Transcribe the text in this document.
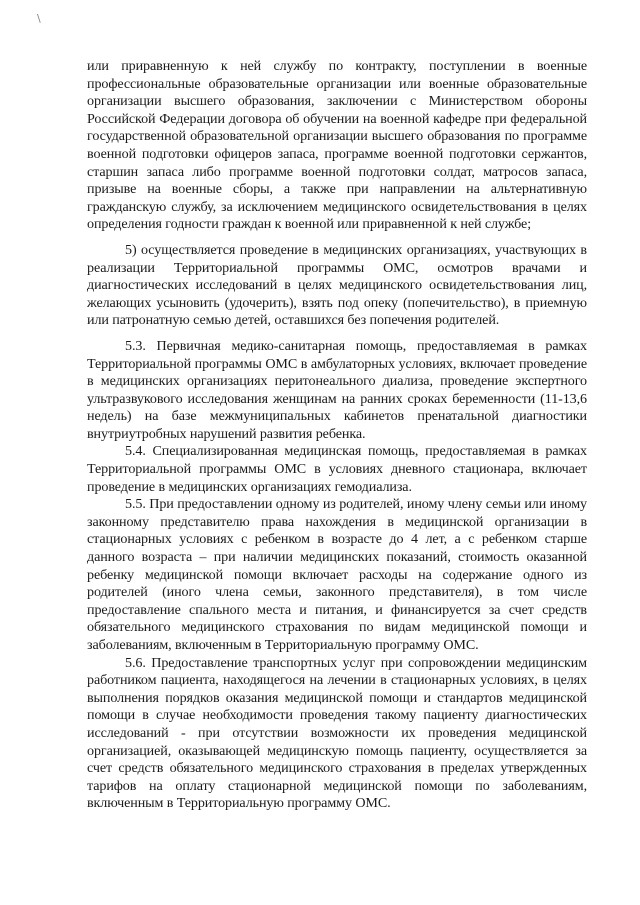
\

или приравненную к ней службу по контракту, поступлении в военные профессиональные образовательные организации или военные образовательные организации высшего образования, заключении с Министерством обороны Российской Федерации договора об обучении на военной кафедре при федеральной государственной образовательной организации высшего образования по программе военной подготовки офицеров запаса, программе военной подготовки сержантов, старшин запаса либо программе военной подготовки солдат, матросов запаса, призыве на военные сборы, а также при направлении на альтернативную гражданскую службу, за исключением медицинского освидетельствования в целях определения годности граждан к военной или приравненной к ней службе;

5) осуществляется проведение в медицинских организациях, участвующих в реализации Территориальной программы ОМС, осмотров врачами и диагностических исследований в целях медицинского освидетельствования лиц, желающих усыновить (удочерить), взять под опеку (попечительство), в приемную или патронатную семью детей, оставшихся без попечения родителей.

5.3. Первичная медико-санитарная помощь, предоставляемая в рамках Территориальной программы ОМС в амбулаторных условиях, включает проведение в медицинских организациях перитонеального диализа, проведение экспертного ультразвукового исследования женщинам на ранних сроках беременности (11-13,6 недель) на базе межмуниципальных кабинетов пренатальной диагностики внутриутробных нарушений развития ребенка.

5.4. Специализированная медицинская помощь, предоставляемая в рамках Территориальной программы ОМС в условиях дневного стационара, включает проведение в медицинских организациях гемодиализа.

5.5. При предоставлении одному из родителей, иному члену семьи или иному законному представителю права нахождения в медицинской организации в стационарных условиях с ребенком в возрасте до 4 лет, а с ребенком старше данного возраста – при наличии медицинских показаний, стоимость оказанной ребенку медицинской помощи включает расходы на содержание одного из родителей (иного члена семьи, законного представителя), в том числе предоставление спального места и питания, и финансируется за счет средств обязательного медицинского страхования по видам медицинской помощи и заболеваниям, включенным в Территориальную программу ОМС.

5.6. Предоставление транспортных услуг при сопровождении медицинским работником пациента, находящегося на лечении в стационарных условиях, в целях выполнения порядков оказания медицинской помощи и стандартов медицинской помощи в случае необходимости проведения такому пациенту диагностических исследований - при отсутствии возможности их проведения медицинской организацией, оказывающей медицинскую помощь пациенту, осуществляется за счет средств обязательного медицинского страхования в пределах утвержденных тарифов на оплату стационарной медицинской помощи по заболеваниям, включенным в Территориальную программу ОМС.
